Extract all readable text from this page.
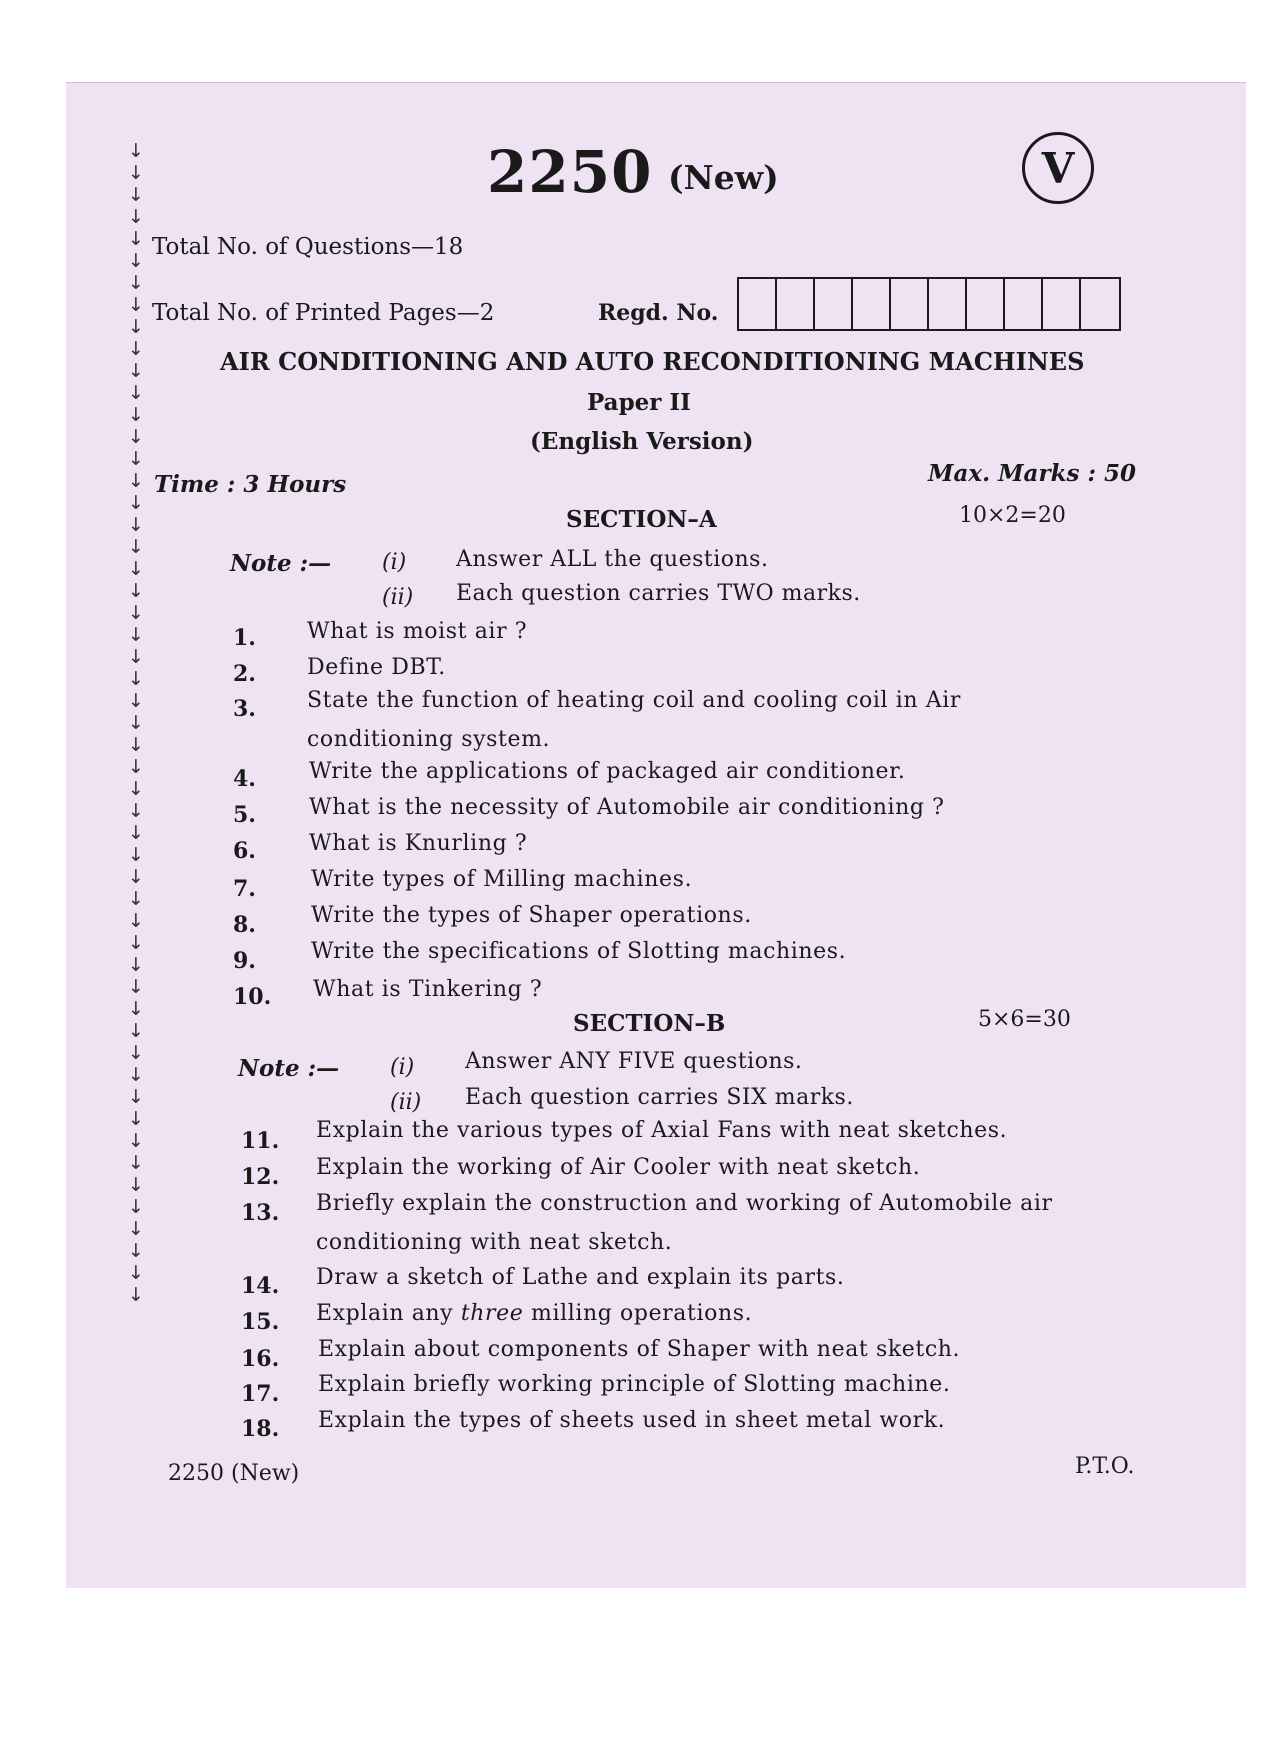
↓
↓
↓
↓
↓
↓
↓
↓
↓
↓
↓
↓
↓
↓
↓
↓
↓
↓
↓
↓
↓
↓
↓
↓
↓
↓
↓
↓
↓
↓
↓
↓
↓
↓
↓
↓
↓
↓
↓
↓
↓
↓
↓
↓
↓
↓
↓
↓
↓
↓
↓
↓
↓
2250 (New)	V
Total No. of Questions—18
Total No. of Printed Pages—2	Regd. No.
AIR CONDITIONING AND AUTO RECONDITIONING MACHINES
Paper II
(English Version)
Time : 3 Hours	Max. Marks : 50
SECTION–A	10×2=20
Note :— (i) Answer ALL the questions.
(ii) Each question carries TWO marks.
1. What is moist air ?
2. Define DBT.
3. State the function of heating coil and cooling coil in Air
conditioning system.
4. Write the applications of packaged air conditioner.
5. What is the necessity of Automobile air conditioning ?
6. What is Knurling ?
7.	Write types of Milling machines.
8.	Write the types of Shaper operations.
9.	Write the specifications of Slotting machines.
10. What is Tinkering ?
SECTION–B	5×6=30
Note :— (i) Answer ANY FIVE questions.
(ii) Each question carries SIX marks.
11. Explain the various types of Axial Fans with neat sketches.
12. Explain the working of Air Cooler with neat sketch.
13. Briefly explain the construction and working of Automobile air
conditioning with neat sketch.
14. Draw a sketch of Lathe and explain its parts.
15. Explain any three milling operations.
16. Explain about components of Shaper with neat sketch.
17. Explain briefly working principle of Slotting machine.
18. Explain the types of sheets used in sheet metal work.
2250 (New)	P.T.O.
